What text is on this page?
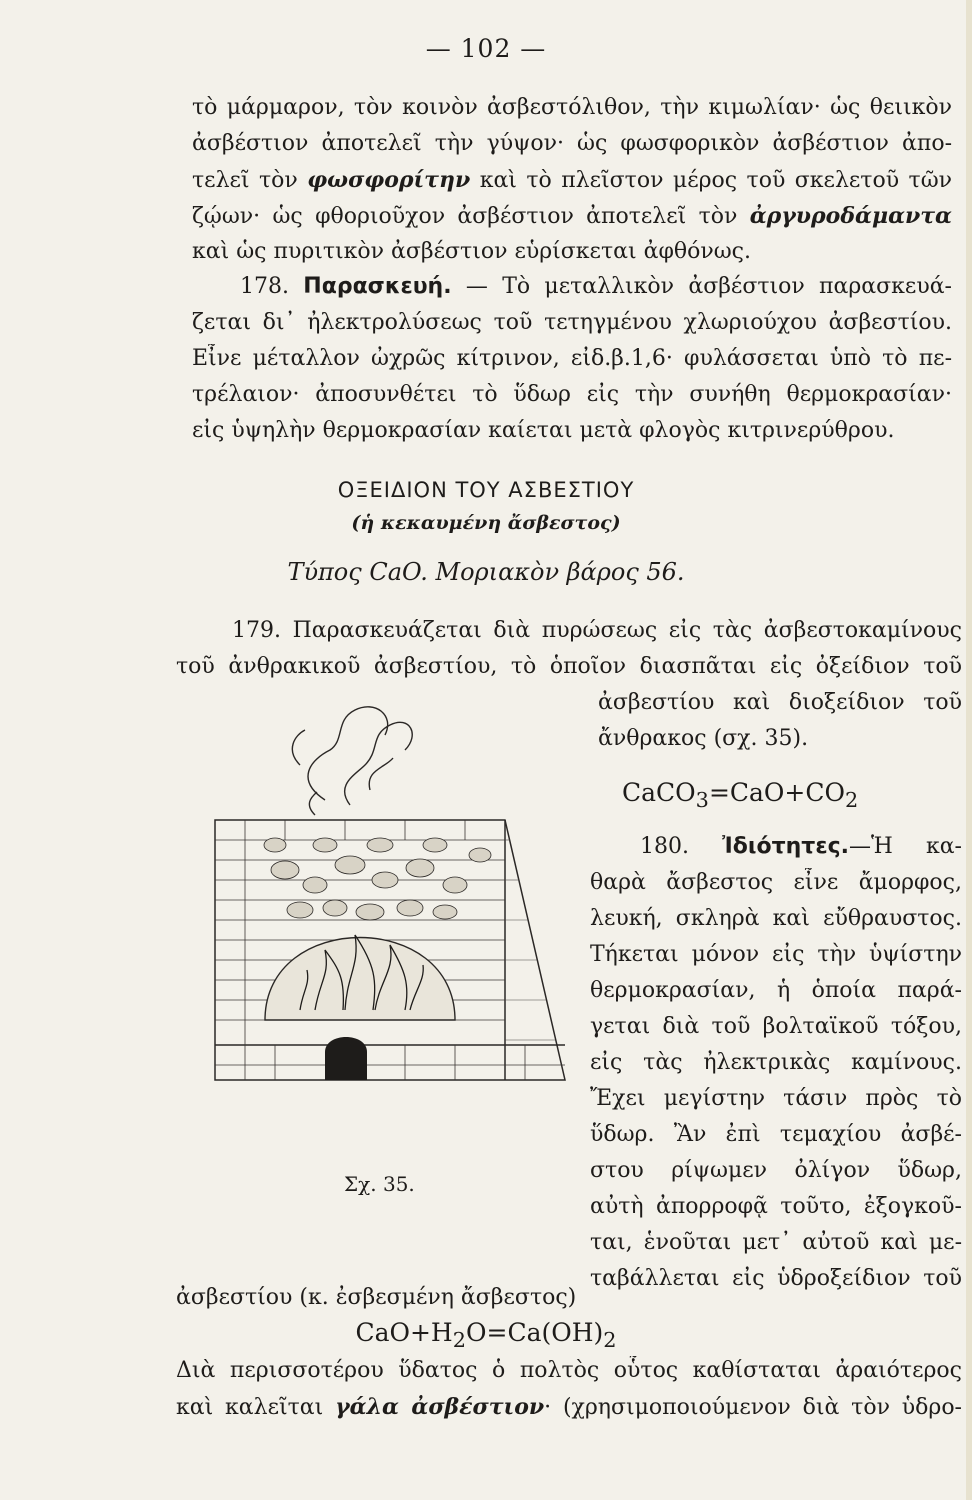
— 102 —
τὸ μάρμαρον, τὸν κοινὸν ἀσβεστόλιθον, τὴν κιμωλίαν· ὡς θειικὸν
ἀσβέστιον ἀποτελεῖ τὴν γύψον· ὡς φωσφορικὸν ἀσβέστιον ἀπο-
τελεῖ τὸν φωσφορίτην καὶ τὸ πλεῖστον μέρος τοῦ σκελετοῦ τῶν
ζῴων· ὡς φθοριοῦχον ἀσβέστιον ἀποτελεῖ τὸν ἀργυροδάμαντα
καὶ ὡς πυριτικὸν ἀσβέστιον εὑρίσκεται ἀφθόνως.
178. Παρασκευή. — Τὸ μεταλλικὸν ἀσβέστιον παρασκευά-
ζεται δι᾽ ἠλεκτρολύσεως τοῦ τετηγμένου χλωριούχου ἀσβεστίου.
Εἶνε μέταλλον ὠχρῶς κίτρινον, εἰδ.β.1,6· φυλάσσεται ὑπὸ τὸ πε-
τρέλαιον· ἀποσυνθέτει τὸ ὕδωρ εἰς τὴν συνήθη θερμοκρασίαν·
εἰς ὑψηλὴν θερμοκρασίαν καίεται μετὰ φλογὸς κιτρινερύθρου.
ΟΞΕΙΔΙΟΝ ΤΟΥ ΑΣΒΕΣΤΙΟΥ
(ἡ κεκαυμένη ἄσβεστος)
Τύπος CaO. Μοριακὸν βάρος 56.
179. Παρασκευάζεται διὰ πυρώσεως εἰς τὰς ἀσβεστοκαμίνους
τοῦ ἀνθρακικοῦ ἀσβεστίου, τὸ ὁποῖον διασπᾶται εἰς ὀξείδιον τοῦ
ἀσβεστίου καὶ διοξείδιον τοῦ
ἄνθρακος (σχ. 35).
$CaCO_3=CaO+CO_2$
180. Ἰδιότητες.—Ἡ κα-
θαρὰ ἄσβεστος εἶνε ἄμορφος,
λευκή, σκληρὰ καὶ εὔθραυστος.
Τήκεται μόνον εἰς τὴν ὑψίστην
θερμοκρασίαν, ἡ ὁποία παρά-
γεται διὰ τοῦ βολταϊκοῦ τόξου,
εἰς τὰς ἠλεκτρικὰς καμίνους.
Ἔχει μεγίστην τάσιν πρὸς τὸ
ὕδωρ. Ἂν ἐπὶ τεμαχίου ἀσβέ-
στου ρίψωμεν ὀλίγον ὕδωρ,
αὐτὴ ἀπορροφᾷ τοῦτο, ἐξογκοῦ-
ται, ἑνοῦται μετ᾽ αὐτοῦ καὶ με-
ταβάλλεται εἰς ὑδροξείδιον τοῦ
ἀσβεστίου (κ. ἐσβεσμένη ἄσβεστος)
$CaO+H_2O=Ca(OH)_2$
Διὰ περισσοτέρου ὕδατος ὁ πολτὸς οὗτος καθίσταται ἀραιότερος
καὶ καλεῖται γάλα ἀσβέστιον· (χρησιμοποιούμενον διὰ τὸν ὑδρο-
Σχ. 35.
